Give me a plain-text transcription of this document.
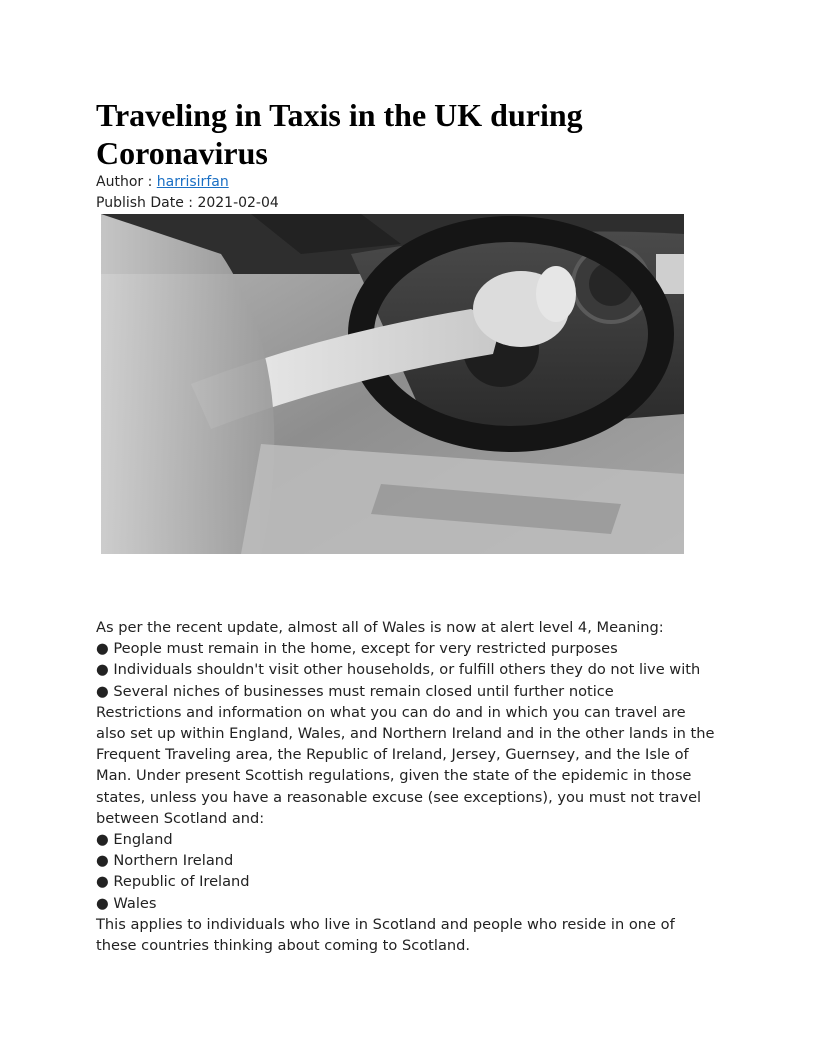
Traveling in Taxis in the UK during Coronavirus
Author : harrisirfan
Publish Date : 2021-02-04

As per the recent update, almost all of Wales is now at alert level 4, Meaning:

● People must remain in the home, except for very restricted purposes

● Individuals shouldn't visit other households, or fulfill others they do not live with

● Several niches of businesses must remain closed until further notice

Restrictions and information on what you can do and in which you can travel are also set up within England, Wales, and Northern Ireland and in the other lands in the Frequent Traveling area, the Republic of Ireland, Jersey, Guernsey, and the Isle of Man. Under present Scottish regulations, given the state of the epidemic in those states, unless you have a reasonable excuse (see exceptions), you must not travel between Scotland and:

● England

● Northern Ireland

● Republic of Ireland

● Wales

This applies to individuals who live in Scotland and people who reside in one of these countries thinking about coming to Scotland.
